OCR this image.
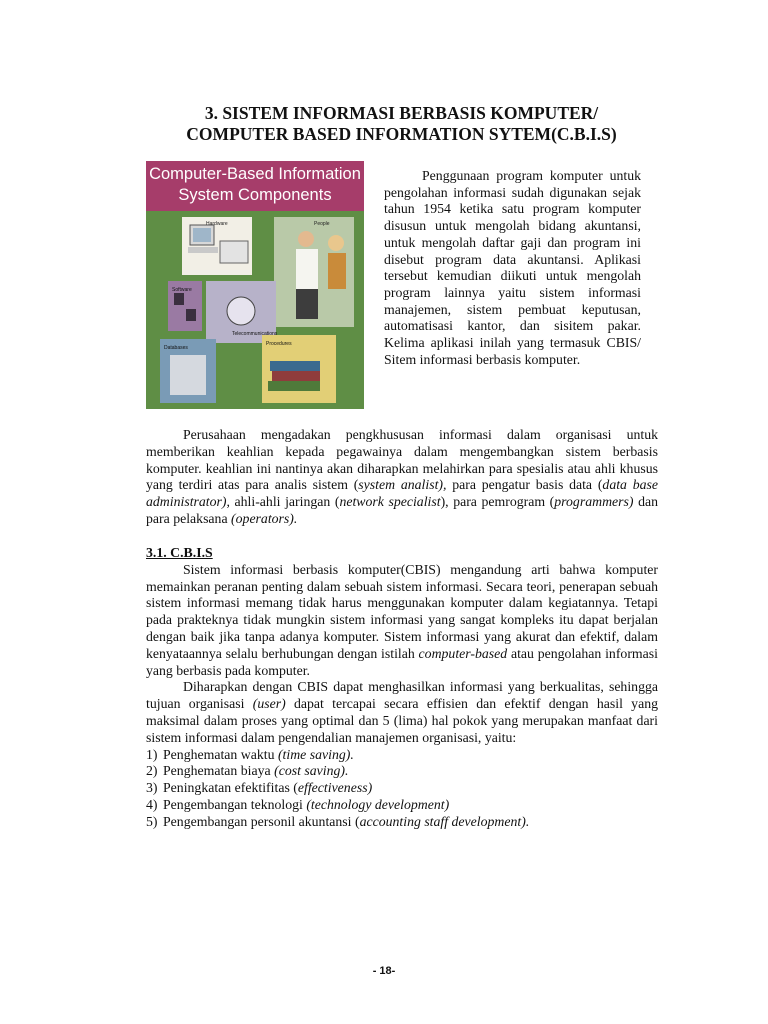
3. SISTEM INFORMASI BERBASIS KOMPUTER/
COMPUTER BASED INFORMATION SYTEM(C.B.I.S)
Computer-Based Information
System Components
Hardware	People
Software
Telecommunications
Databases
Procedures
Penggunaan program komputer untuk pengolahan informasi sudah digunakan sejak tahun 1954 ketika satu program komputer disusun untuk mengolah bidang akuntansi, untuk mengolah daftar gaji dan program ini disebut program data akuntansi. Aplikasi tersebut kemudian diikuti untuk mengolah program lainnya yaitu sistem informasi manajemen, sistem pembuat keputusan, automatisasi kantor, dan sisitem pakar. Kelima aplikasi inilah yang termasuk CBIS/ Sitem informasi berbasis komputer.

Perusahaan mengadakan pengkhususan informasi dalam organisasi untuk memberikan keahlian kepada pegawainya dalam mengembangkan sistem berbasis komputer. keahlian ini nantinya akan diharapkan melahirkan para spesialis atau ahli khusus yang terdiri atas para analis sistem (system analist), para pengatur basis data (data base administrator), ahli-ahli jaringan (network specialist), para pemrogram (programmers) dan para pelaksana (operators).

3.1. C.B.I.S

Sistem informasi berbasis komputer(CBIS) mengandung arti bahwa komputer memainkan peranan penting dalam sebuah sistem informasi. Secara teori, penerapan sebuah sistem informasi memang tidak harus menggunakan komputer dalam kegiatannya. Tetapi pada prakteknya tidak mungkin sistem informasi yang sangat kompleks itu dapat berjalan dengan baik jika tanpa adanya komputer. Sistem informasi yang akurat dan efektif, dalam kenyataannya selalu berhubungan dengan istilah computer-based atau pengolahan informasi yang berbasis pada komputer.

Diharapkan dengan CBIS dapat menghasilkan informasi yang berkualitas, sehingga tujuan organisasi (user) dapat tercapai secara effisien dan efektif dengan hasil yang maksimal dalam proses yang optimal dan 5 (lima) hal pokok yang merupakan manfaat dari sistem informasi dalam pengendalian manajemen organisasi, yaitu:

1) Penghematan waktu (time saving).
2) Penghematan biaya (cost saving).
3) Peningkatan efektifitas (effectiveness)
4) Pengembangan teknologi (technology development)
5) Pengembangan personil akuntansi (accounting staff development).
- 18-
